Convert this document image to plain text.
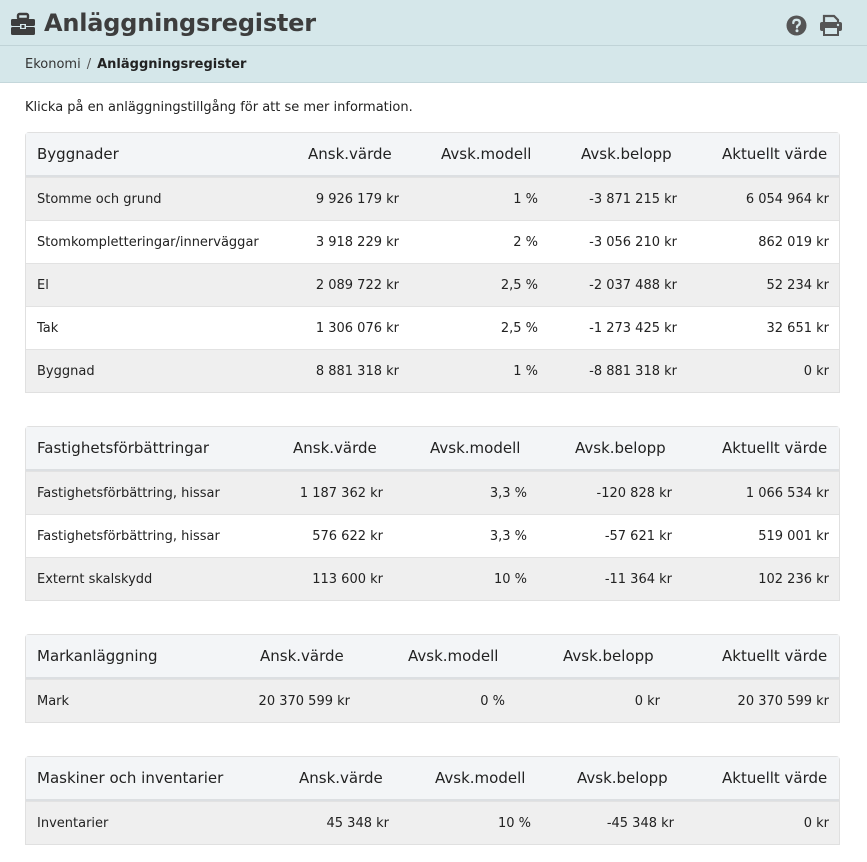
Anläggningsregister
Ekonomi / Anläggningsregister
Klicka på en anläggningstillgång för att se mer information.
Byggnader	Ansk.värde	Avsk.modell	Avsk.belopp	Aktuellt värde
Stomme och grund	9 926 179 kr	1 %	-3 871 215 kr	6 054 964 kr
Stomkompletteringar/innerväggar	3 918 229 kr	2 %	-3 056 210 kr	862 019 kr
El	2 089 722 kr	2,5 %	-2 037 488 kr	52 234 kr
Tak	1 306 076 kr	2,5 %	-1 273 425 kr	32 651 kr
Byggnad	8 881 318 kr	1 %	-8 881 318 kr	0 kr
Fastighetsförbättringar	Ansk.värde	Avsk.modell	Avsk.belopp	Aktuellt värde
Fastighetsförbättring, hissar	1 187 362 kr	3,3 %	-120 828 kr	1 066 534 kr
Fastighetsförbättring, hissar	576 622 kr	3,3 %	-57 621 kr	519 001 kr
Externt skalskydd	113 600 kr	10 %	-11 364 kr	102 236 kr
Markanläggning	Ansk.värde	Avsk.modell	Avsk.belopp	Aktuellt värde
Mark	20 370 599 kr	0 %	0 kr	20 370 599 kr
Maskiner och inventarier	Ansk.värde	Avsk.modell	Avsk.belopp	Aktuellt värde
Inventarier	45 348 kr	10 %	-45 348 kr	0 kr
